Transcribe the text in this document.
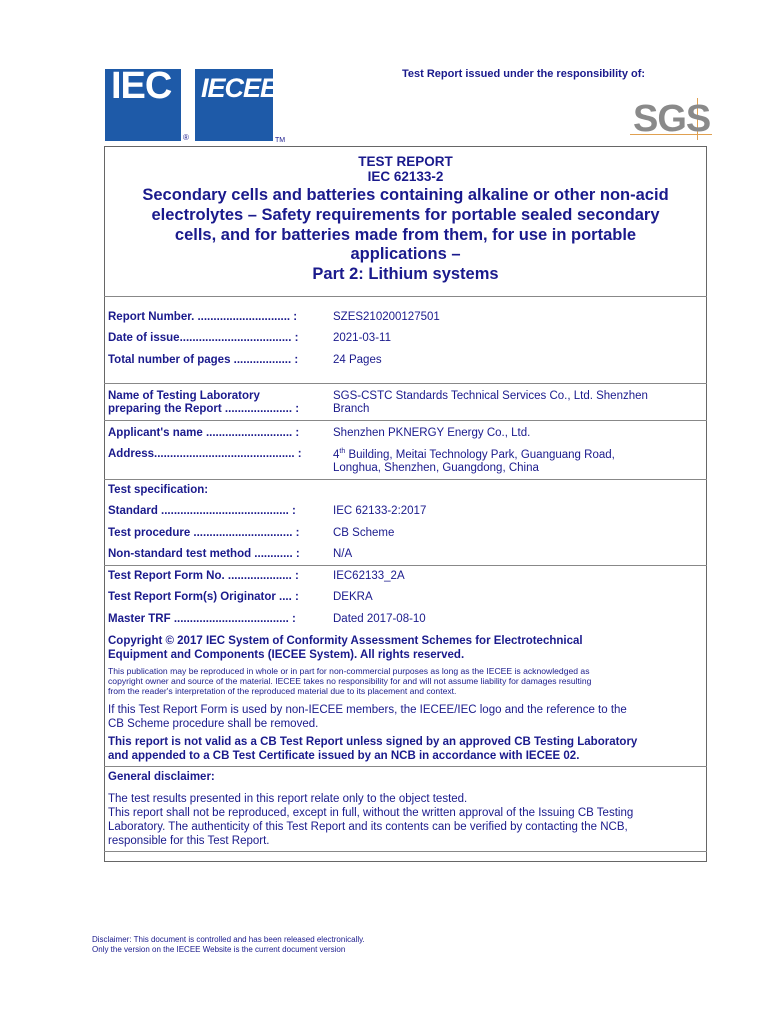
IEC
®
IECEE
TM
Test Report issued under the responsibility of:
SGS
TEST REPORT
IEC 62133-2
Secondary cells and batteries containing alkaline or other non-acid
electrolytes – Safety requirements for portable sealed secondary
cells, and for batteries made from them, for use in portable
applications –
Part 2: Lithium systems
Report Number. ............................. :	SZES210200127501
Date of issue................................... :	2021-03-11
Total number of pages .................. :	24 Pages
Name of Testing Laboratory
preparing the Report ..................... :
SGS-CSTC Standards Technical Services Co., Ltd. Shenzhen
Branch
Applicant's name ........................... :	Shenzhen PKNERGY Energy Co., Ltd.
Address............................................ :	4th Building, Meitai Technology Park, Guanguang Road,
Longhua, Shenzhen, Guangdong, China
Test specification:
Standard ........................................ :	IEC 62133-2:2017
Test procedure ............................... :	CB Scheme
Non-standard test method ............ :	N/A
Test Report Form No. .................... :	IEC62133_2A
Test Report Form(s) Originator .... :	DEKRA
Master TRF .................................... :	Dated 2017-08-10
Copyright © 2017 IEC System of Conformity Assessment Schemes for Electrotechnical
Equipment and Components (IECEE System). All rights reserved.
This publication may be reproduced in whole or in part for non-commercial purposes as long as the IECEE is acknowledged as
copyright owner and source of the material. IECEE takes no responsibility for and will not assume liability for damages resulting
from the reader's interpretation of the reproduced material due to its placement and context.
If this Test Report Form is used by non-IECEE members, the IECEE/IEC logo and the reference to the
CB Scheme procedure shall be removed.
This report is not valid as a CB Test Report unless signed by an approved CB Testing Laboratory
and appended to a CB Test Certificate issued by an NCB in accordance with IECEE 02.
General disclaimer:
The test results presented in this report relate only to the object tested.
This report shall not be reproduced, except in full, without the written approval of the Issuing CB Testing
Laboratory. The authenticity of this Test Report and its contents can be verified by contacting the NCB,
responsible for this Test Report.
Disclaimer: This document is controlled and has been released electronically.
Only the version on the IECEE Website is the current document version
